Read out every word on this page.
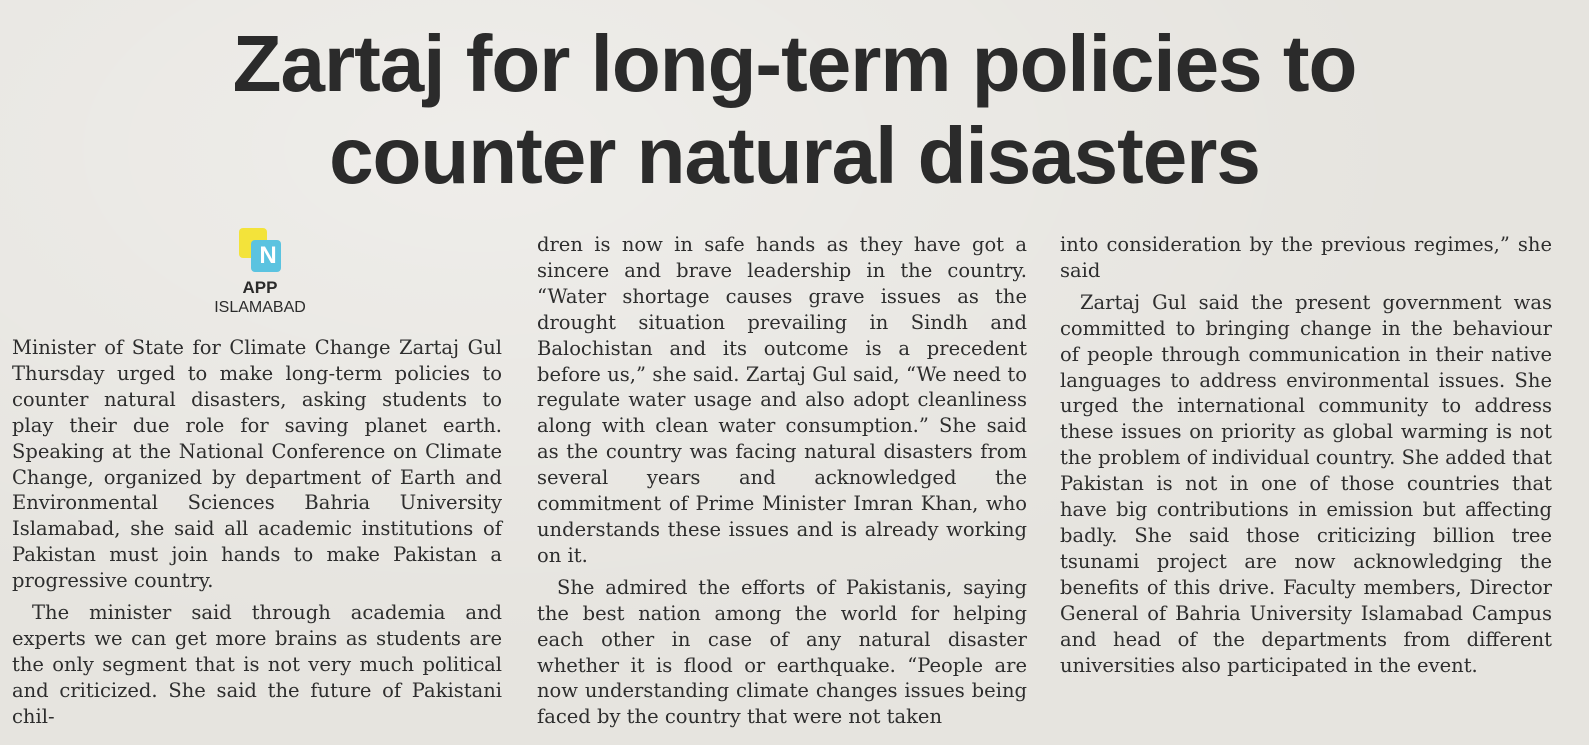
Zartaj for long-term policies to
counter natural disasters
N
APP
ISLAMABAD

Minister of State for Climate Change Zartaj Gul Thursday urged to make long-term policies to counter natural disasters, asking students to play their due role for saving planet earth. Speaking at the National Conference on Climate Change, organized by department of Earth and Environmental Sciences Bahria University Islamabad, she said all academic institutions of Pakistan must join hands to make Pakistan a progressive country.

The minister said through academia and experts we can get more brains as students are the only segment that is not very much political and criticized. She said the future of Pakistani chil-

dren is now in safe hands as they have got a sincere and brave leadership in the country. “Water shortage causes grave issues as the drought situation prevailing in Sindh and Balochistan and its outcome is a precedent before us,” she said. Zartaj Gul said, “We need to regulate water usage and also adopt cleanliness along with clean water consumption.” She said as the country was facing natural disasters from several years and acknowledged the commitment of Prime Minister Imran Khan, who understands these issues and is already working on it.

She admired the efforts of Pakistanis, saying the best nation among the world for helping each other in case of any natural disaster whether it is flood or earthquake. “People are now understanding climate changes issues being faced by the country that were not taken

into consideration by the previous regimes,” she said

Zartaj Gul said the present government was committed to bringing change in the behaviour of people through communication in their native languages to address environmental issues. She urged the international community to address these issues on priority as global warming is not the problem of individual country. She added that Pakistan is not in one of those countries that have big contributions in emission but affecting badly. She said those criticizing billion tree tsunami project are now acknowledging the benefits of this drive. Faculty members, Director General of Bahria University Islamabad Campus and head of the departments from different universities also participated in the event.
